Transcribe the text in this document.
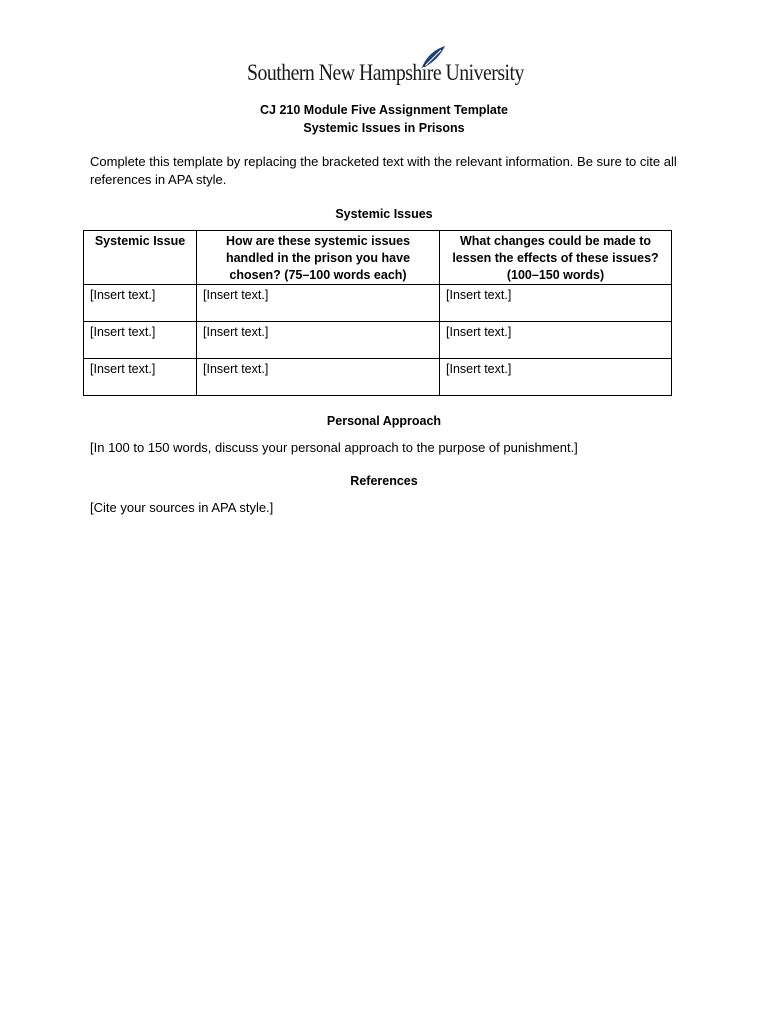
Southern New Hampshire University
CJ 210 Module Five Assignment Template
Systemic Issues in Prisons
Complete this template by replacing the bracketed text with the relevant information. Be sure to cite all references in APA style.
Systemic Issues
Systemic Issue	How are these systemic issues handled in the prison you have chosen? (75–100 words each)	What changes could be made to lessen the effects of these issues? (100–150 words)
[Insert text.]	[Insert text.]	[Insert text.]
[Insert text.]	[Insert text.]	[Insert text.]
[Insert text.]	[Insert text.]	[Insert text.]
Personal Approach
[In 100 to 150 words, discuss your personal approach to the purpose of punishment.]
References
[Cite your sources in APA style.]
